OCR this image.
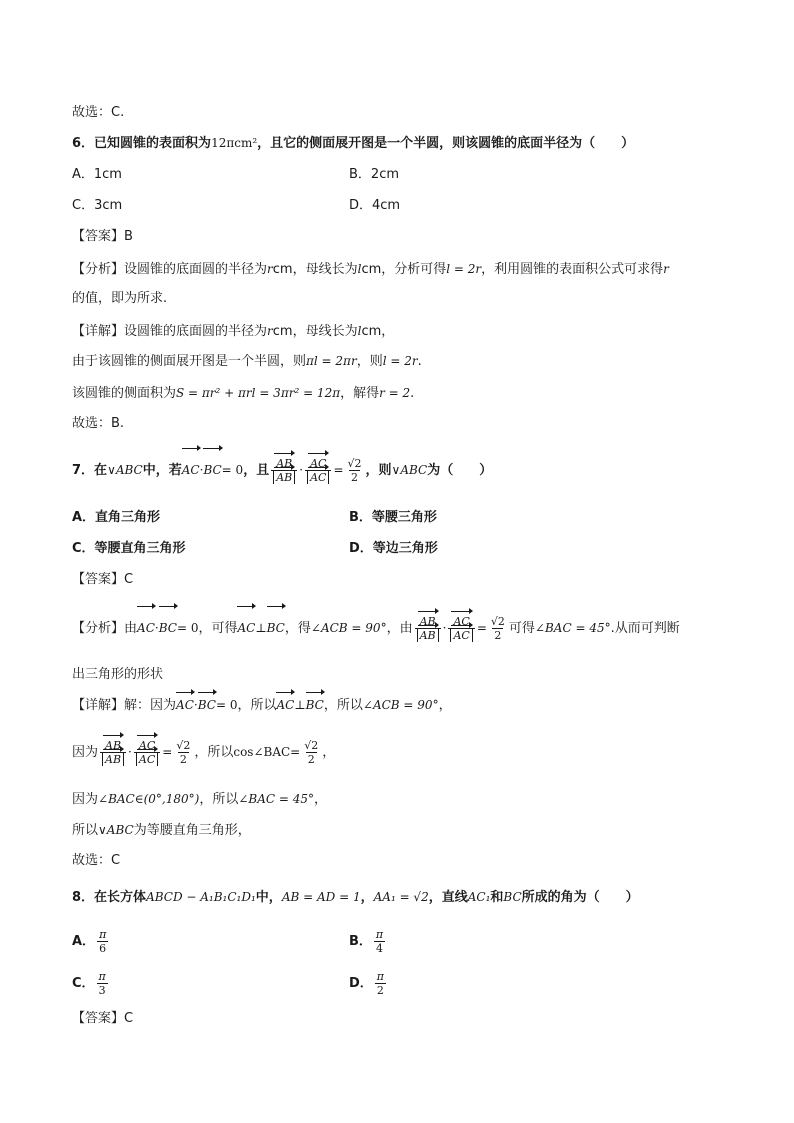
故选：C.
6．已知圆锥的表面积为12πcm²，且它的侧面展开图是一个半圆，则该圆锥的底面半径为（　　）
A．1cm	B．2cm
C．3cm	D．4cm
【答案】B
【分析】设圆锥的底面圆的半径为rcm，母线长为lcm，分析可得l = 2r，利用圆锥的表面积公式可求得r
的值，即为所求.
【详解】设圆锥的底面圆的半径为rcm，母线长为lcm，
由于该圆锥的侧面展开图是一个半圆，则πl = 2πr，则l = 2r.
该圆锥的侧面积为S = πr² + πrl = 3πr² = 12π，解得r = 2.
故选：B.
7．在∨ABC中，若AC·BC= 0，且 $\frac{AB}{AB} \cdot \frac{AC}{AC} = \frac{√2}{2}$ ，则∨ABC为（　　）
A．直角三角形	B．等腰三角形
C．等腰直角三角形	D．等边三角形
【答案】C
【分析】由AC·BC= 0，可得AC⊥BC，得∠ACB = 90°，由 $\frac{AB}{AB} \cdot \frac{AC}{AC} = \frac{√2}{2}$ 可得∠BAC = 45°.从而可判断
出三角形的形状
【详解】解：因为AC·BC= 0，所以AC⊥BC，所以∠ACB = 90°，
因为 $\frac{AB}{AB} \cdot \frac{AC}{AC} = \frac{√2}{2}$ ，所以cos∠BAC= $\frac{√2}{2}$ ，
因为∠BAC∈(0°,180°)，所以∠BAC = 45°，
所以∨ABC为等腰直角三角形，
故选：C
8．在长方体ABCD − A₁B₁C₁D₁中，AB = AD = 1，AA₁ = √2，直线AC₁和BC所成的角为（　　）
A． $\frac{\pi}{6}$	B． $\frac{\pi}{4}$
C． $\frac{\pi}{3}$	D． $\frac{\pi}{2}$
【答案】C
